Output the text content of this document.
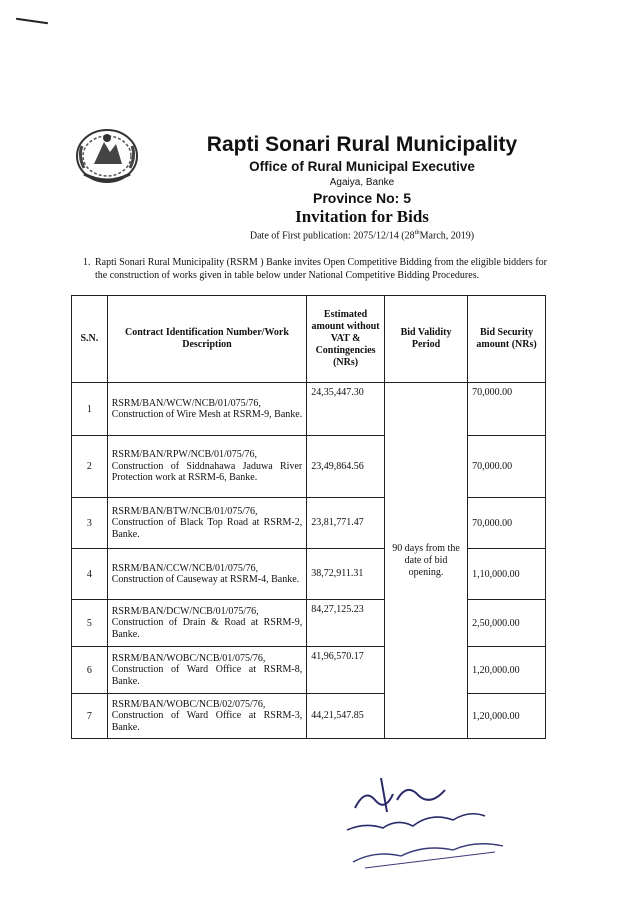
Rapti Sonari Rural Municipality
Office of Rural Municipal Executive
Agaiya, Banke
Province No: 5
Invitation for Bids
Date of First publication: 2075/12/14 (28thMarch, 2019)
1. Rapti Sonari Rural Municipality (RSRM ) Banke invites Open Competitive Bidding from the eligible bidders for the construction of works given in table below under National Competitive Bidding Procedures.

S.N.	Contract Identification Number/Work Description	Estimated amount without VAT & Contingencies (NRs)	Bid Validity Period	Bid Security amount (NRs)
1	RSRM/BAN/WCW/NCB/01/075/76,
Construction of Wire Mesh at RSRM-9, Banke.	24,35,447.30	90 days from the date of bid opening.	70,000.00
2	RSRM/BAN/RPW/NCB/01/075/76,
Construction of Siddnahawa Jaduwa River Protection work at RSRM-6, Banke.	23,49,864.56		70,000.00
3	RSRM/BAN/BTW/NCB/01/075/76,
Construction of Black Top Road at RSRM-2, Banke.	23,81,771.47		70,000.00
4	RSRM/BAN/CCW/NCB/01/075/76,
Construction of Causeway at RSRM-4, Banke.	38,72,911.31		1,10,000.00
5	RSRM/BAN/DCW/NCB/01/075/76,
Construction of Drain & Road at RSRM-9, Banke.	84,27,125.23		2,50,000.00
6	RSRM/BAN/WOBC/NCB/01/075/76,
Construction of Ward Office at RSRM-8, Banke.	41,96,570.17		1,20,000.00
7	RSRM/BAN/WOBC/NCB/02/075/76,
Construction of Ward Office at RSRM-3, Banke.	44,21,547.85		1,20,000.00
